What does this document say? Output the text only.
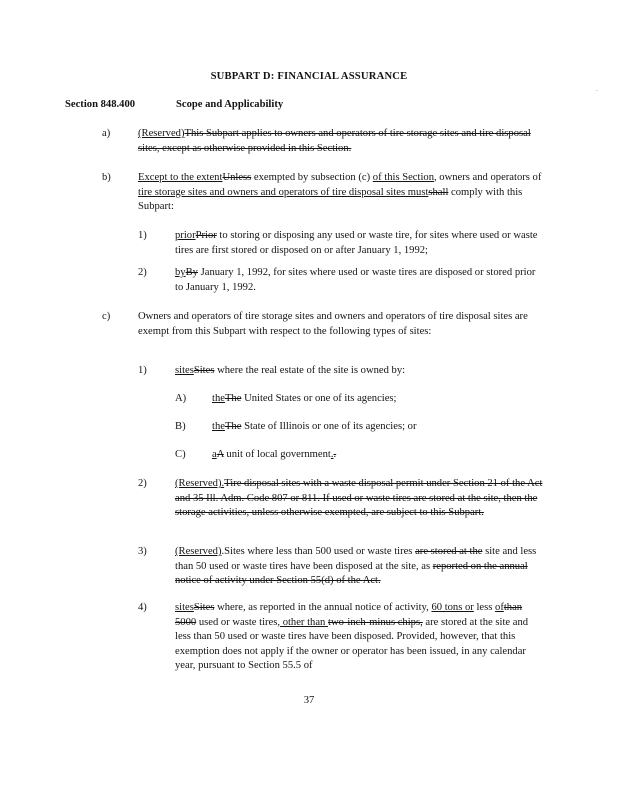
.
SUBPART D: FINANCIAL ASSURANCE
Section 848.400	Scope and Applicability
a)	(Reserved)This Subpart applies to owners and operators of tire storage sites and tire disposal sites, except as otherwise provided in this Section.
b)	Except to the extentUnless exempted by subsection (c) of this Section, owners and operators of tire storage sites and owners and operators of tire disposal sites mustshall comply with this Subpart:
1)	priorPrior to storing or disposing any used or waste tire, for sites where used or waste tires are first stored or disposed on or after January 1, 1992;
2)	byBy January 1, 1992, for sites where used or waste tires are disposed or stored prior to January 1, 1992.
c)	Owners and operators of tire storage sites and owners and operators of tire disposal sites are exempt from this Subpart with respect to the following types of sites:
1)	sitesSites where the real estate of the site is owned by:
A) theThe United States or one of its agencies;
B) theThe State of Illinois or one of its agencies; or
C) aA unit of local government..
2)	(Reserved).Tire disposal sites with a waste disposal permit under Section 21 of the Act and 35 Ill. Adm. Code 807 or 811. If used or waste tires are stored at the site, then the storage activities, unless otherwise exempted, are subject to this Subpart.
3)	(Reserved).Sites where less than 500 used or waste tires are stored at the site and less than 50 used or waste tires have been disposed at the site, as reported on the annual notice of activity under Section 55(d) of the Act.
4)	sitesSites where, as reported in the annual notice of activity, 60 tons or less ofthan 5000 used or waste tires, other than two-inch-minus chips, are stored at the site and less than 50 used or waste tires have been disposed. Provided, however, that this exemption does not apply if the owner or operator has been issued, in any calendar year, pursuant to Section 55.5 of
37
